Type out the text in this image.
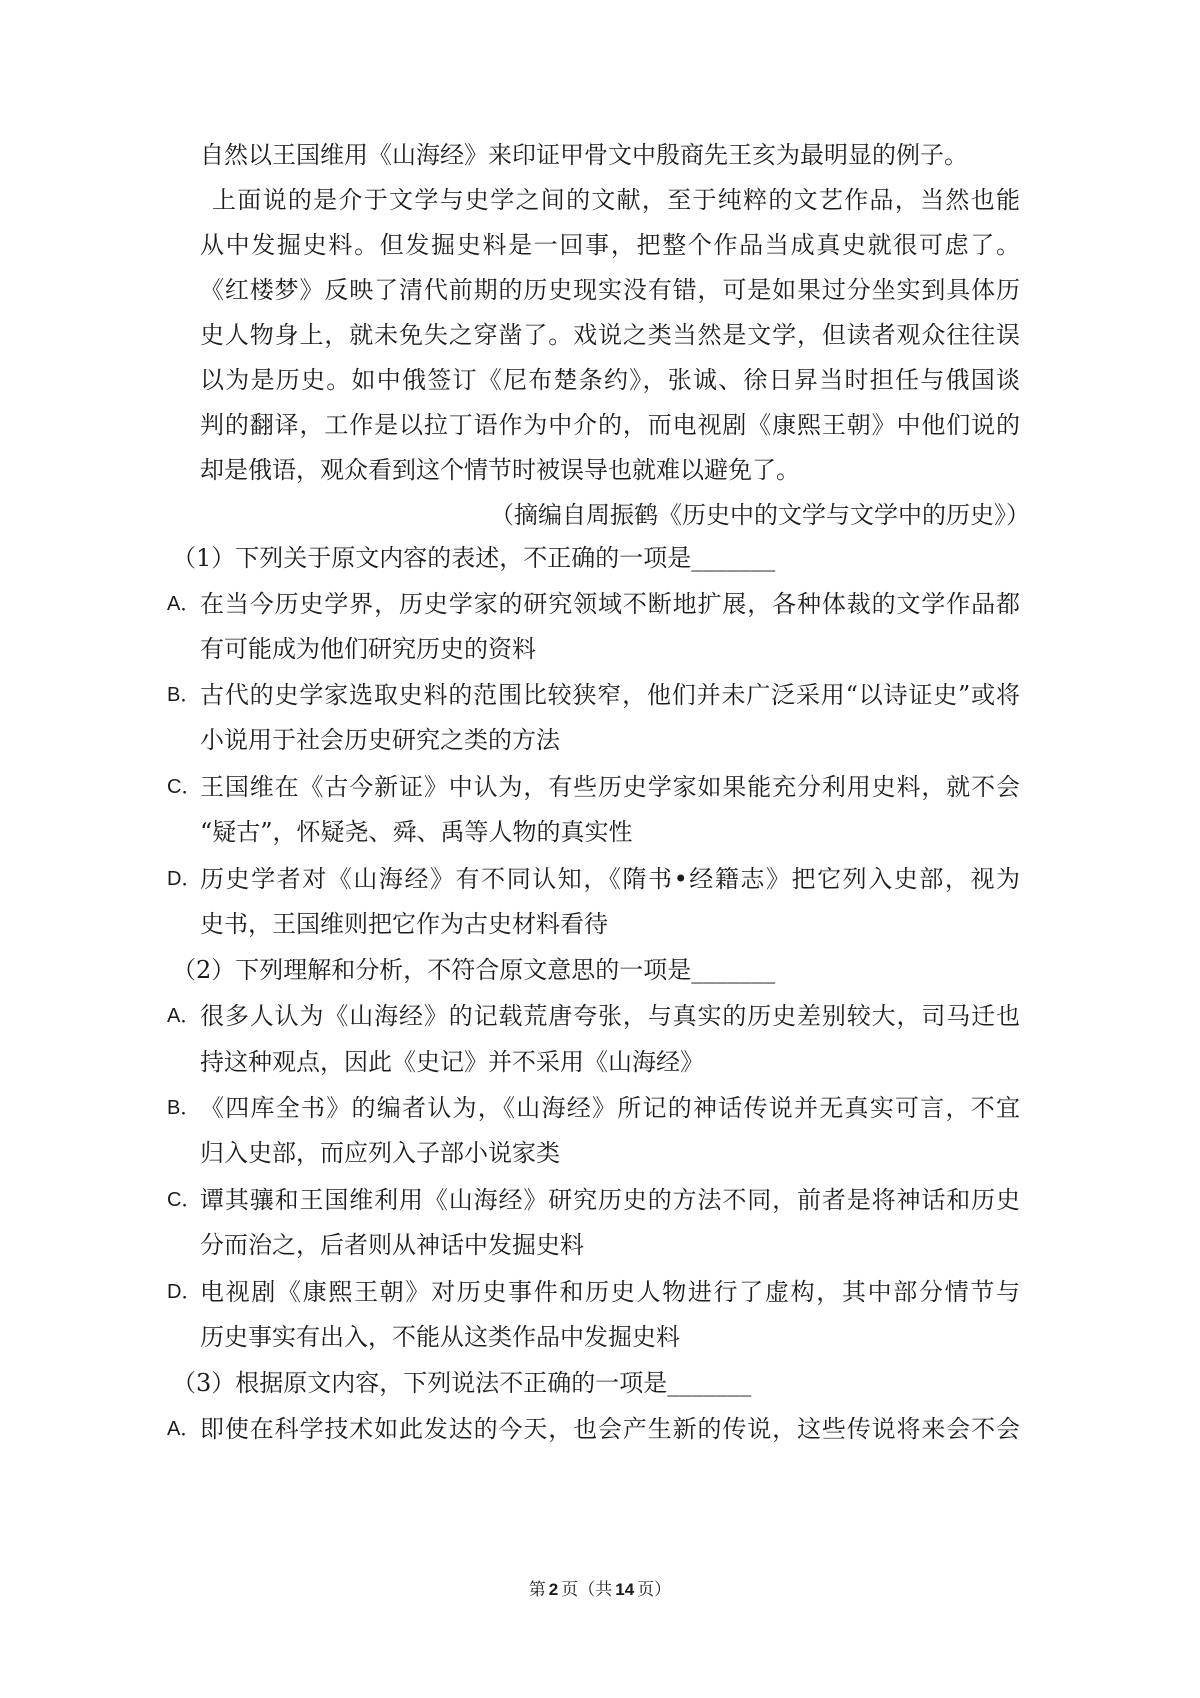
自然以王国维用《山海经》来印证甲骨文中殷商先王亥为最明显的例子。
上面说的是介于文学与史学之间的文献，至于纯粹的文艺作品，当然也能
从中发掘史料。但发掘史料是一回事，把整个作品当成真史就很可虑了。
《红楼梦》反映了清代前期的历史现实没有错，可是如果过分坐实到具体历
史人物身上，就未免失之穿凿了。戏说之类当然是文学，但读者观众往往误
以为是历史。如中俄签订《尼布楚条约》，张诚、徐日昇当时担任与俄国谈
判的翻译，工作是以拉丁语作为中介的，而电视剧《康熙王朝》中他们说的
却是俄语，观众看到这个情节时被误导也就难以避免了。
（摘编自周振鹤《历史中的文学与文学中的历史》）
（1）下列关于原文内容的表述，不正确的一项是_______
A． 在当今历史学界，历史学家的研究领域不断地扩展，各种体裁的文学作品都
有可能成为他们研究历史的资料
B． 古代的史学家选取史料的范围比较狭窄，他们并未广泛采用“以诗证史”或将
小说用于社会历史研究之类的方法
C．
王国维在《古今新证》中认为，有些历史学家如果能充分利用史料，就不会
“疑古”，怀疑尧、舜、禹等人物的真实性
D．
历史学者对《山海经》有不同认知，《隋书•经籍志》把它列入史部，视为
史书，王国维则把它作为古史材料看待
（2）下列理解和分析，不符合原文意思的一项是_______
A． 很多人认为《山海经》的记载荒唐夸张，与真实的历史差别较大，司马迁也
持这种观点，因此《史记》并不采用《山海经》
B． 《四库全书》的编者认为，《山海经》所记的神话传说并无真实可言，不宜
归入史部，而应列入子部小说家类
C．
谭其骧和王国维利用《山海经》研究历史的方法不同，前者是将神话和历史
分而治之，后者则从神话中发掘史料
D．
电视剧《康熙王朝》对历史事件和历史人物进行了虚构，其中部分情节与
历史事实有出入，不能从这类作品中发掘史料
（3）根据原文内容，下列说法不正确的一项是_______
A． 即使在科学技术如此发达的今天，也会产生新的传说，这些传说将来会不会
第 2 页（共 14 页）
